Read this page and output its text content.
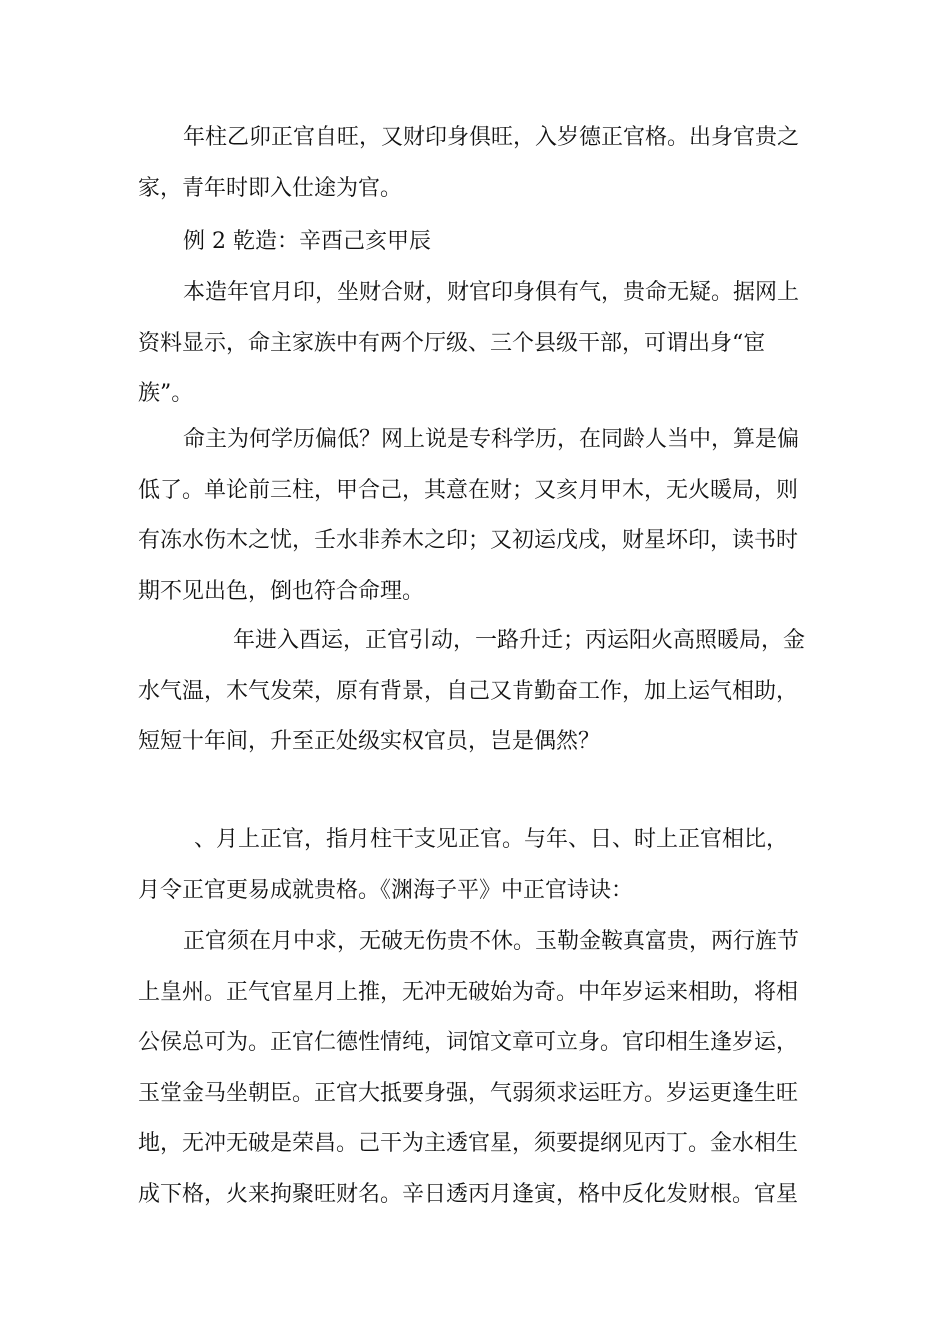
年柱乙卯正官自旺，又财印身俱旺，入岁德正官格。出身官贵之
家，青年时即入仕途为官。
例 2 乾造：辛酉己亥甲辰
本造年官月印，坐财合财，财官印身俱有气，贵命无疑。据网上
资料显示，命主家族中有两个厅级、三个县级干部，可谓出身“宦
族”。
命主为何学历偏低？网上说是专科学历，在同龄人当中，算是偏
低了。单论前三柱，甲合己，其意在财；又亥月甲木，无火暖局，则
有冻水伤木之忧，壬水非养木之印；又初运戊戌，财星坏印，读书时
期不见出色，倒也符合命理。
年进入酉运，正官引动，一路升迁；丙运阳火高照暖局，金
水气温，木气发荣，原有背景，自己又肯勤奋工作，加上运气相助，
短短十年间，升至正处级实权官员，岂是偶然？
、月上正官，指月柱干支见正官。与年、日、时上正官相比，
月令正官更易成就贵格。《渊海子平》中正官诗诀：
正官须在月中求，无破无伤贵不休。玉勒金鞍真富贵，两行旌节
上皇州。正气官星月上推，无冲无破始为奇。中年岁运来相助，将相
公侯总可为。正官仁德性情纯，词馆文章可立身。官印相生逢岁运，
玉堂金马坐朝臣。正官大抵要身强，气弱须求运旺方。岁运更逢生旺
地，无冲无破是荣昌。己干为主透官星，须要提纲见丙丁。金水相生
成下格，火来拘聚旺财名。辛日透丙月逢寅，格中反化发财根。官星
